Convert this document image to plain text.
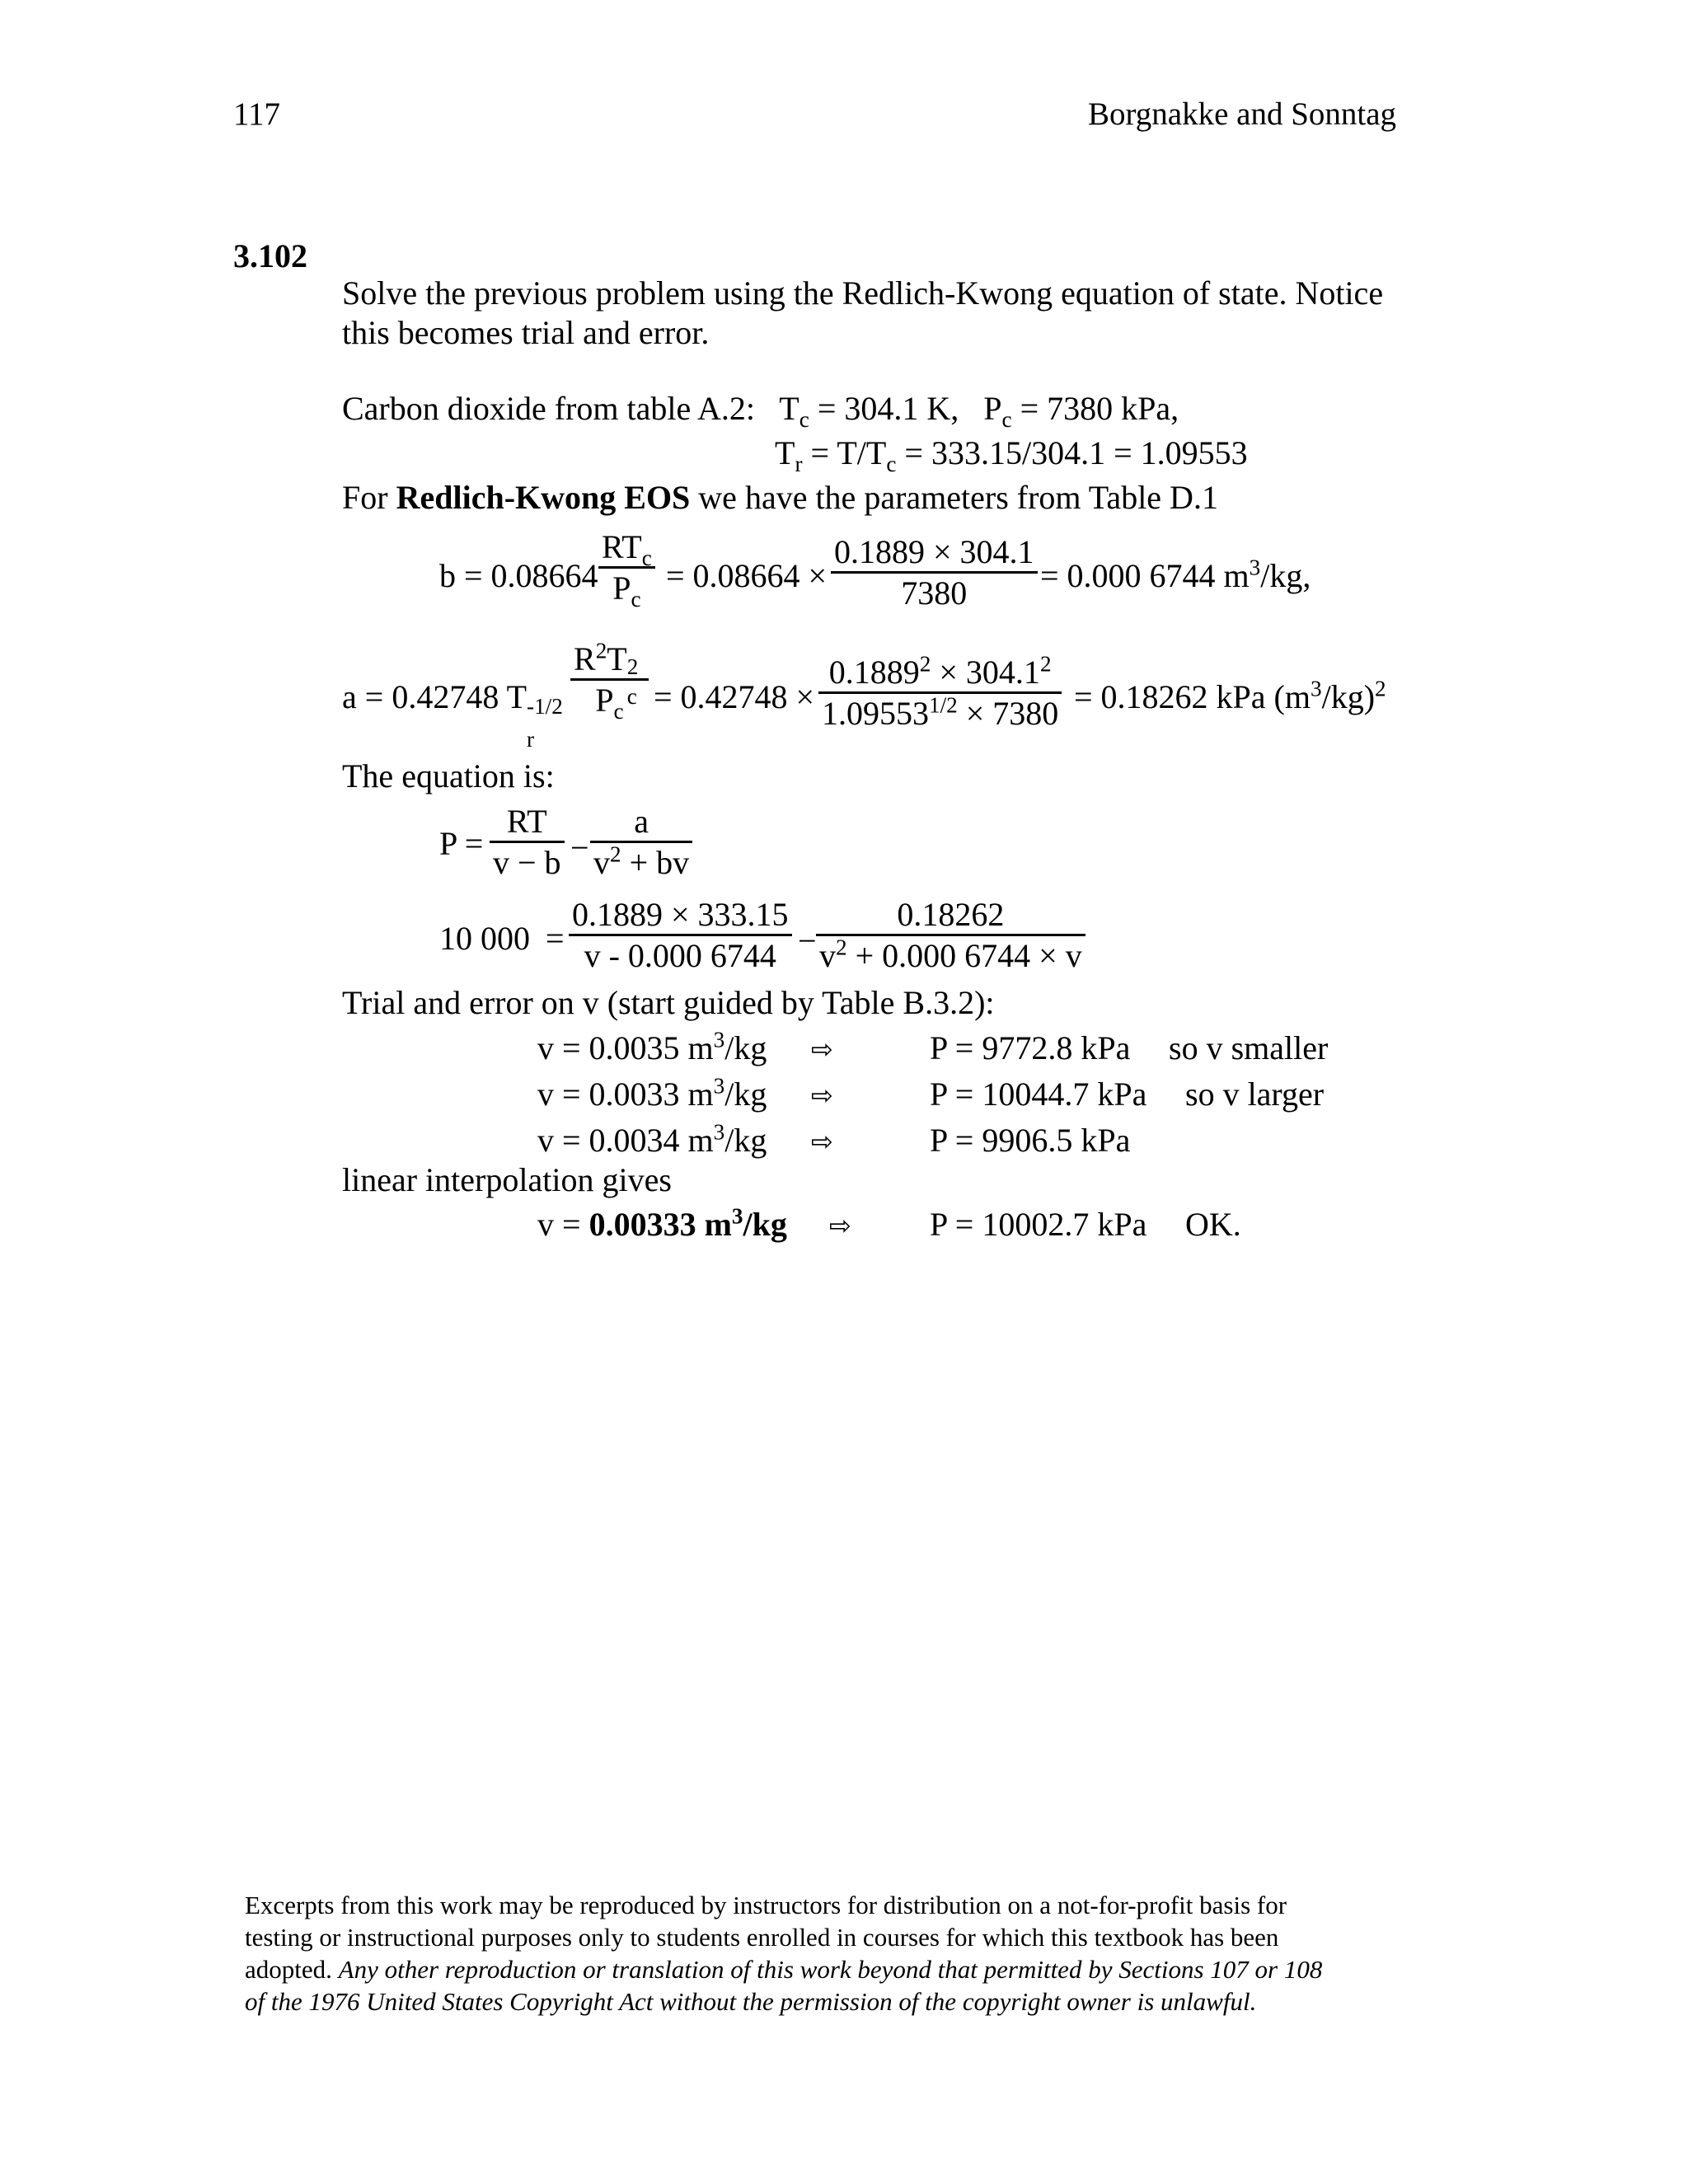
117	Borgnakke and Sonntag
3.102
Solve the previous problem using the Redlich-Kwong equation of state. Notice
this becomes trial and error.
Carbon dioxide from table A.2: $T_c = 304.1$ K, $P_c = 7380$ kPa,
$T_r = T/T_c = 333.15/304.1 = 1.09553$
For Redlich-Kwong EOS we have the parameters from Table D.1
b = 0.08664
$RT_c$
$P_c$
= 0.08664 ×
0.1889 × 304.1
7380 = 0.000 6744 $m^3/kg$,
a = 0.42748 T -1/2
r
$R^2T$ 2
c
$P_c = 0.42748$ ×
$0.1889^2 \times 304.1^2$
$1.09553^{1/2} \times 7380 = 0.18262$ kPa $(m^3/kg)^2$
The equation is:
P =
RT
v − b −
a
$v^2$ + bv
10 000 =
0.1889 × 333.15
v - 0.000 6744 −
0.18262
$v^2 + 0.000$ 6744 × v
Trial and error on v (start guided by Table B.3.2):
v = 0.0035 $m^3/kg$ ⇨	P = 9772.8 kPa so v smaller
v = 0.0033 $m^3/kg$ ⇨	P = 10044.7 kPa so v larger
v = 0.0034 $m^3/kg$ ⇨	P = 9906.5 kPa
linear interpolation gives
v = 0.00333 $m^3/kg$ ⇨ P = 10002.7 kPa OK.
Excerpts from this work may be reproduced by instructors for distribution on a not-for-profit basis for
testing or instructional purposes only to students enrolled in courses for which this textbook has been
adopted. Any other reproduction or translation of this work beyond that permitted by Sections 107 or 108
of the 1976 United States Copyright Act without the permission of the copyright owner is unlawful.
